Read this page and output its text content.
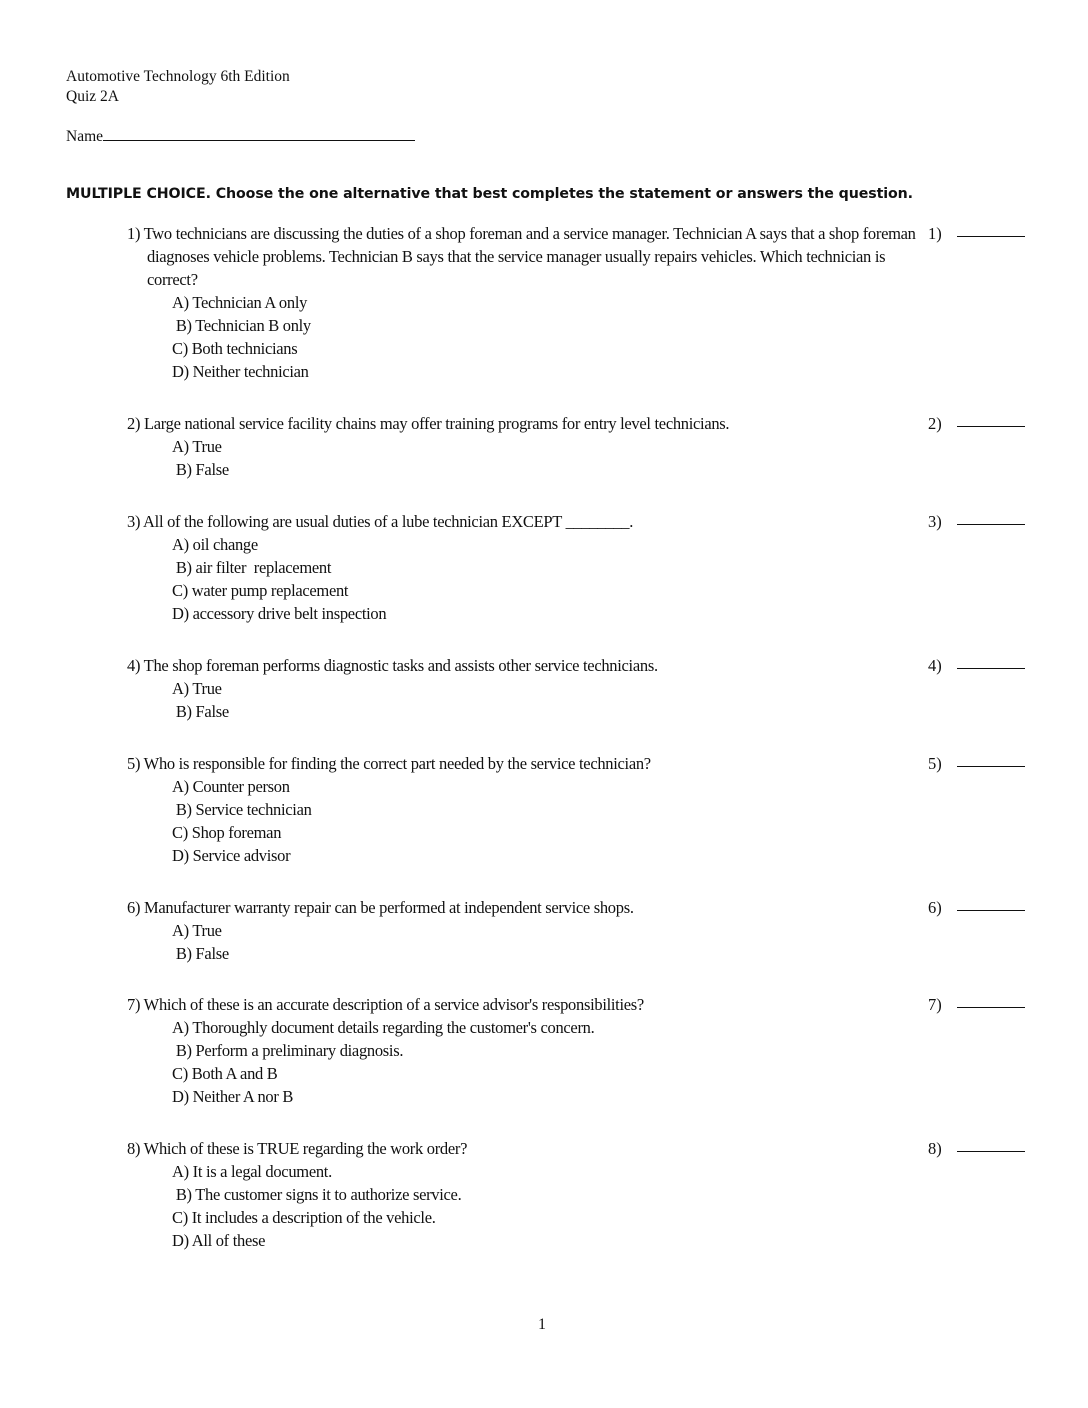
Automotive Technology 6th Edition
Quiz 2A
Name
MULTIPLE CHOICE. Choose the one alternative that best completes the statement or answers the question.
1) Two technicians are discussing the duties of a shop foreman and a service manager. Technician A says that a shop foreman diagnoses vehicle problems. Technician B says that the service manager usually repairs vehicles. Which technician is correct?
A) Technician A only
B) Technician B only
C) Both technicians
D) Neither technician
1)
2) Large national service facility chains may offer training programs for entry level technicians.
A) True
B) False
2)
3) All of the following are usual duties of a lube technician EXCEPT ________.
A) oil change
B) air filter  replacement
C) water pump replacement
D) accessory drive belt inspection
3)
4) The shop foreman performs diagnostic tasks and assists other service technicians.
A) True
B) False
4)
5) Who is responsible for finding the correct part needed by the service technician?
A) Counter person
B) Service technician
C) Shop foreman
D) Service advisor
5)
6) Manufacturer warranty repair can be performed at independent service shops.
A) True
B) False
6)
7) Which of these is an accurate description of a service advisor's responsibilities?
A) Thoroughly document details regarding the customer's concern.
B) Perform a preliminary diagnosis.
C) Both A and B
D) Neither A nor B
7)
8) Which of these is TRUE regarding the work order?
A) It is a legal document.
B) The customer signs it to authorize service.
C) It includes a description of the vehicle.
D) All of these
8)
1
